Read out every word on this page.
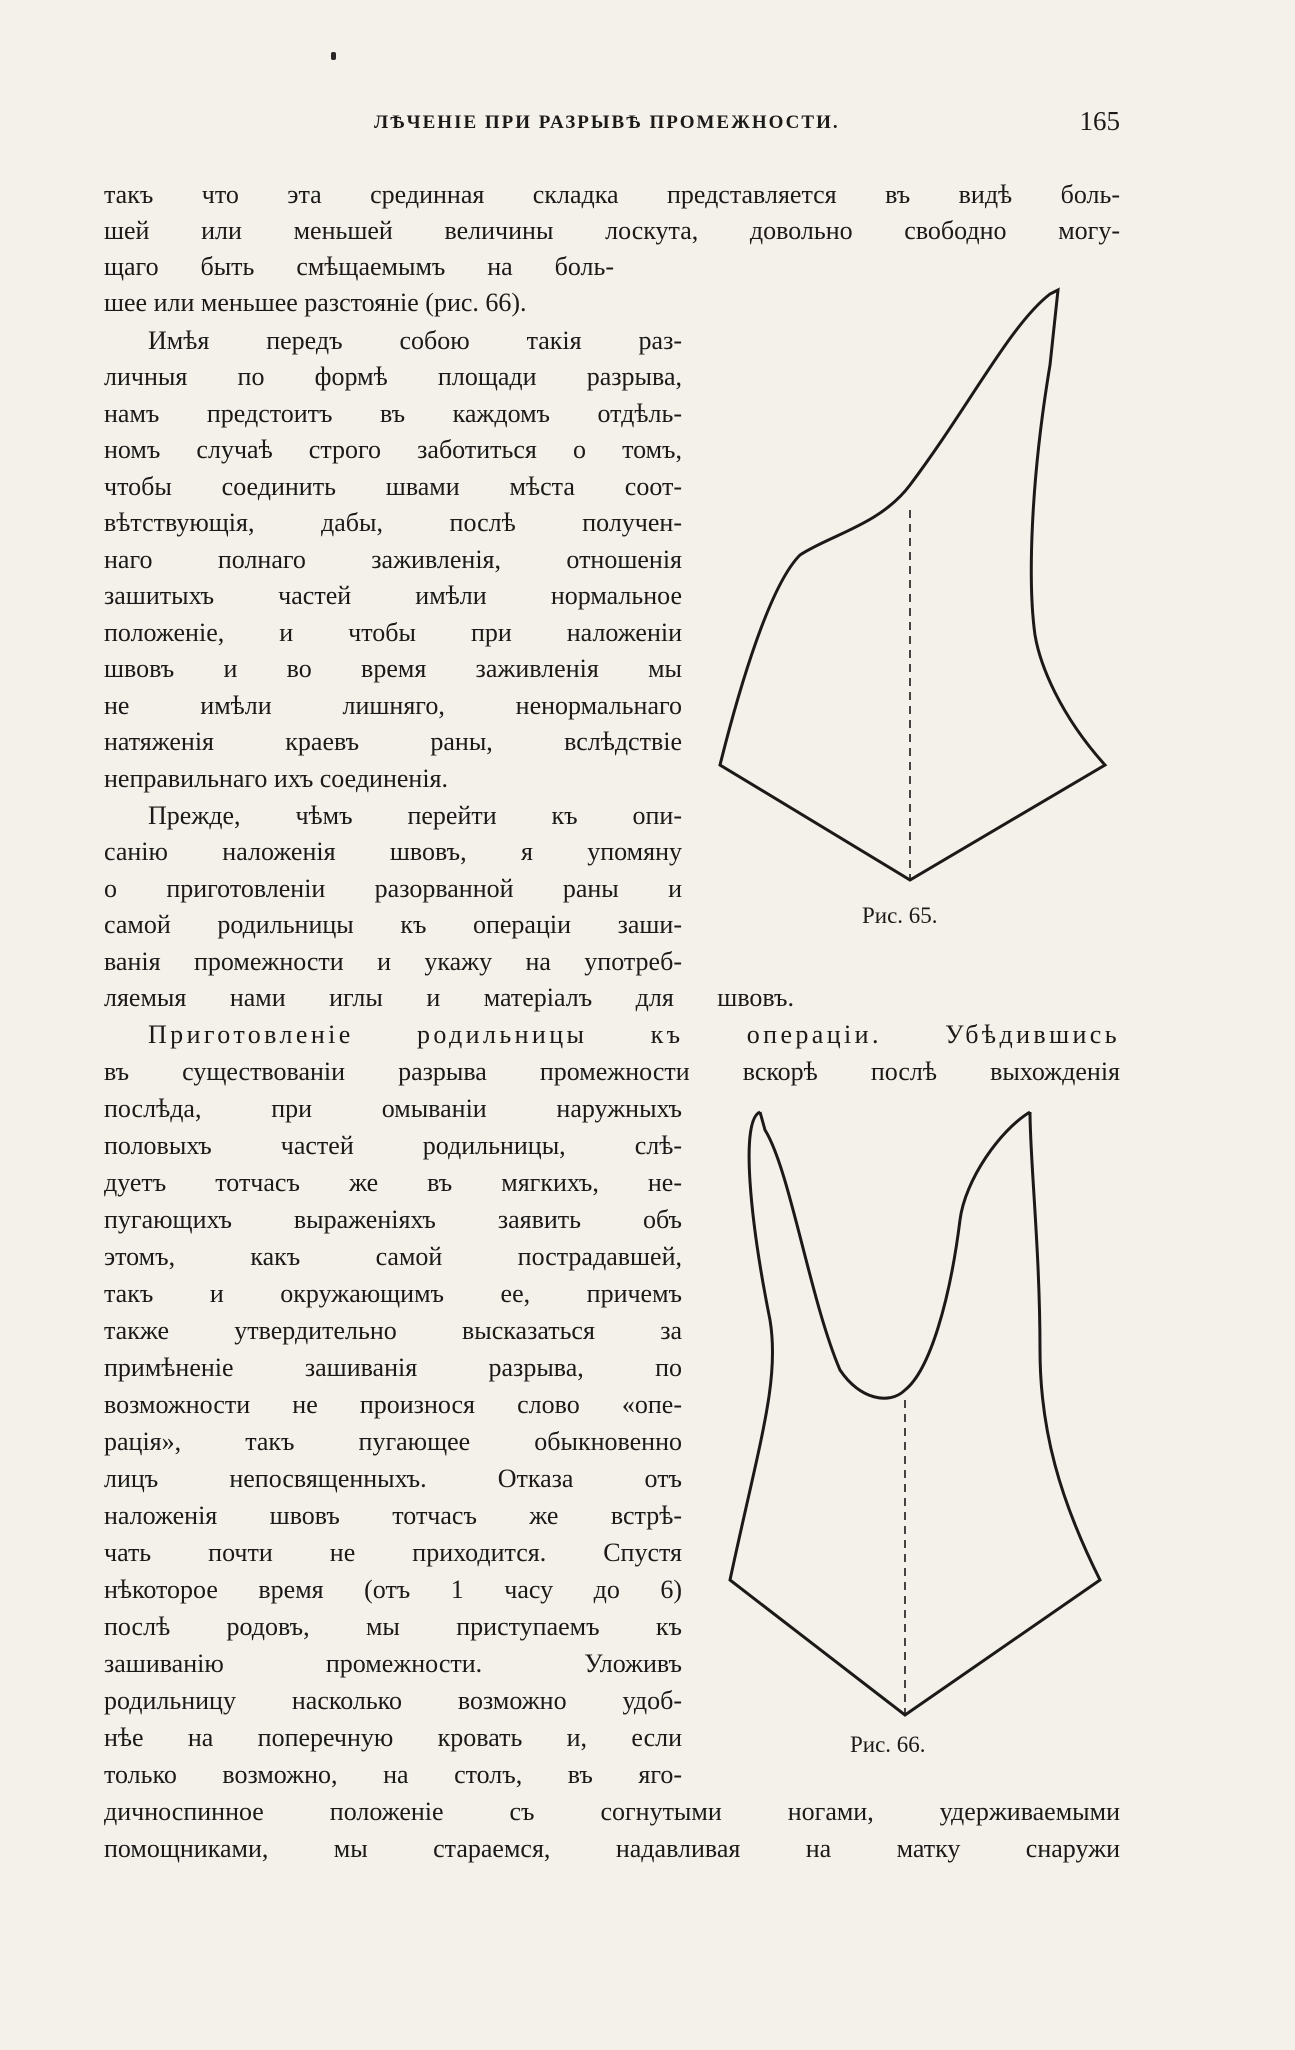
ЛѢЧЕНІЕ ПРИ РАЗРЫВѢ ПРОМЕЖНОСТИ.	165
такъ что эта срединная складка представляется въ видѣ боль-
шей или меньшей величины лоскута, довольно свободно могу-
щаго быть смѣщаемымъ на боль-
шее или меньшее разстояніе (рис. 66).
Имѣя передъ собою такія раз-
личныя по формѣ площади разрыва,
намъ предстоитъ въ каждомъ отдѣль-
номъ случаѣ строго заботиться о томъ,
чтобы соединить швами мѣста соот-
вѣтствующія, дабы, послѣ получен-
наго полнаго заживленія, отношенія
зашитыхъ частей имѣли нормальное
положеніе, и чтобы при наложеніи
швовъ и во время заживленія мы
не имѣли лишняго, ненормальнаго
натяженія краевъ раны, вслѣдствіе
неправильнаго ихъ соединенія.
Прежде, чѣмъ перейти къ опи-
санію наложенія швовъ, я упомяну
о приготовленіи разорванной раны и
самой родильницы къ операціи заши-
ванія промежности и укажу на употреб-
ляемыя нами иглы и матеріалъ для швовъ.
Приготовленіе родильницы къ операціи. Убѣдившись
въ существованіи разрыва промежности вскорѣ послѣ выхожденія
послѣда, при омываніи наружныхъ
половыхъ частей родильницы, слѣ-
дуетъ тотчасъ же въ мягкихъ, не-
пугающихъ выраженіяхъ заявить объ
этомъ, какъ самой пострадавшей,
такъ и окружающимъ ее, причемъ
также утвердительно высказаться за
примѣненіе зашиванія разрыва, по
возможности не произнося слово «опе-
рація», такъ пугающее обыкновенно
лицъ непосвященныхъ. Отказа отъ
наложенія швовъ тотчасъ же встрѣ-
чать почти не приходится. Спустя
нѣкоторое время (отъ 1 часу до 6)
послѣ родовъ, мы приступаемъ къ
зашиванію промежности. Уложивъ
родильницу насколько возможно удоб-
нѣе на поперечную кровать и, если
только возможно, на столъ, въ яго-
дичноспинное положеніе съ согнутыми ногами, удерживаемыми
помощниками, мы стараемся, надавливая на матку снаружи
Рис. 65.
Рис. 66.
